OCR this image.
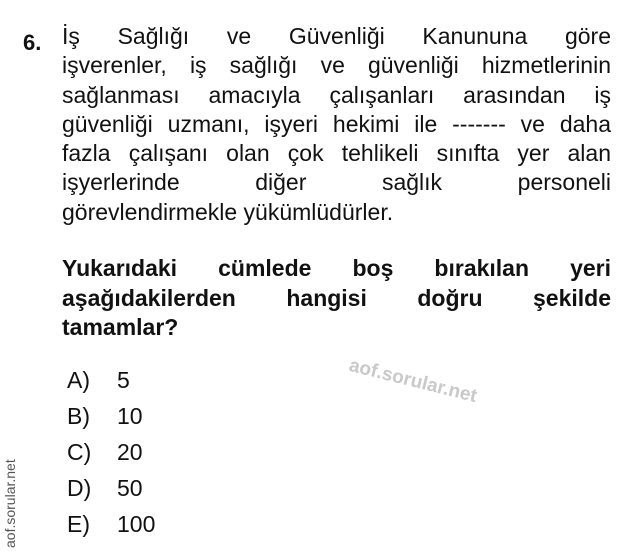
6. İş Sağlığı ve Güvenliği Kanununa göre
işverenler, iş sağlığı ve güvenliği hizmetlerinin
sağlanması amacıyla çalışanları arasından iş
güvenliği uzmanı, işyeri hekimi ile ------- ve daha
fazla çalışanı olan çok tehlikeli sınıfta yer alan
işyerlerinde diğer sağlık personeli
görevlendirmekle yükümlüdürler.
Yukarıdaki cümlede boş bırakılan yeri
aşağıdakilerden hangisi doğru şekilde
tamamlar?
A)	5
B)	10
C)	20
D)	50
E)	100
aof.sorular.net
aof.sorular.net
